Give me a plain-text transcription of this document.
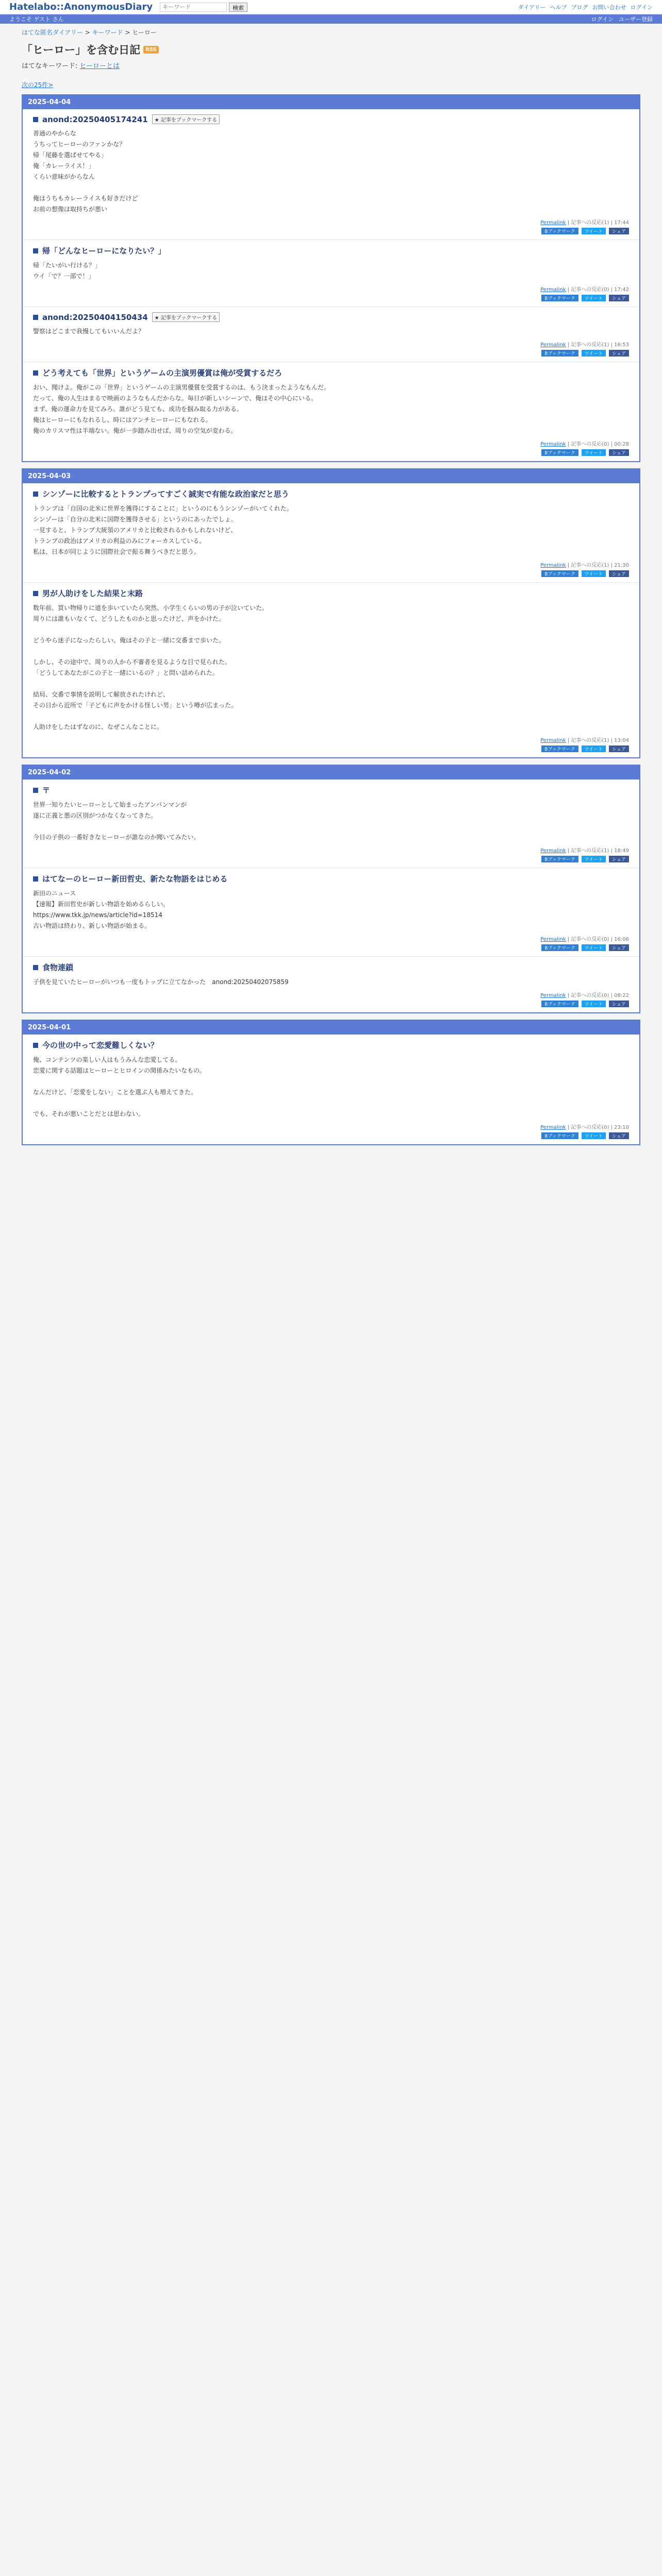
Hatelabo::AnonymousDiary
キーワード	検索	ダイアリー ヘルプ ブログ お問い合わせ ログイン
ようこそ ゲスト さん	ログイン ユーザー登録
はてな匿名ダイアリー > キーワード > ヒーロー
「ヒーロー」を含む日記	RSS
はてなキーワード: ヒーローとは
次の25件>
2025-04-04
anond:20250405174241	★ 記事をブックマークする
普通のやからな
うちってヒーローのファンかな？
帰「尾藤を選ばせてやる」
俺「カレーライス！」
くらい意味がからなん

俺はうちもカレーライスも好きだけど
お前の想像は取持ちが悪い
Permalink | 記事への反応(1) | 17:44
Bブックマーク	ツイート	シェア
帰「どんなヒーローになりたい？」
帰「たいがい行ける？」
ウイ「で？一部で！」
Permalink | 記事への反応(0) | 17:42
Bブックマーク	ツイート	シェア
anond:20250404150434	★ 記事をブックマークする
警察はどこまで我慢してもいいんだよ？
Permalink | 記事への反応(1) | 16:53
Bブックマーク	ツイート	シェア
どう考えても「世界」というゲームの主演男優賞は俺が受賞するだろ
おい、聞けよ。俺がこの「世界」というゲームの主演男優賞を受賞するのは、もう決まったようなもんだ。
だって、俺の人生はまるで映画のようなもんだからな。毎日が新しいシーンで、俺はその中心にいる。
まず、俺の運命力を見てみろ。誰がどう見ても、成功を掴み取る力がある。
俺はヒーローにもなれるし、時にはアンチヒーローにもなれる。
俺のカリスマ性は半端ない。俺が一歩踏み出せば、周りの空気が変わる。
Permalink | 記事への反応(0) | 00:28
Bブックマーク	ツイート	シェア
2025-04-03
シンゾーに比較するとトランプってすごく誠実で有能な政治家だと思う
トランプは「自国の北米に世界を獲得にすることに」というのにもうシンゾーがいてくれた。
シンゾーは「自分の北米に国際を獲得させる」というのにあったでしょ。
一見すると、トランプ大統領のアメリカと比較されるかもしれないけど、
トランプの政治はアメリカの利益のみにフォーカスしている。
私は、日本が同じように国際社会で振る舞うべきだと思う。
Permalink | 記事への反応(1) | 21:30
Bブックマーク	ツイート	シェア
男が人助けをした結果と末路
数年前、買い物帰りに道を歩いていたら突然、小学生くらいの男の子が泣いていた。
周りには誰もいなくて、どうしたものかと思ったけど、声をかけた。

どうやら迷子になったらしい。俺はその子と一緒に交番まで歩いた。

しかし、その途中で、周りの人から不審者を見るような目で見られた。
「どうしてあなたがこの子と一緒にいるの？」と問い詰められた。

結局、交番で事情を説明して解放されたけれど、
その日から近所で「子どもに声をかける怪しい男」という噂が広まった。

人助けをしたはずなのに、なぜこんなことに。
Permalink | 記事への反応(1) | 13:04
Bブックマーク	ツイート	シェア
2025-04-02
〒
世界一知りたいヒーローとして始まったアンパンマンが
遂に正義と悪の区別がつかなくなってきた。

今日の子供の一番好きなヒーローが誰なのか聞いてみたい。
Permalink | 記事への反応(1) | 18:49
Bブックマーク	ツイート	シェア
はてなーのヒーロー新田哲史、新たな物語をはじめる
新田のニュース
【速報】新田哲史が新しい物語を始めるらしい。
https://www.tkk.jp/news/article?id=18514
古い物語は終わり、新しい物語が始まる。
Permalink | 記事への反応(0) | 16:06
Bブックマーク	ツイート	シェア
食物連鎖
子供を見ていたヒーローがいつも一度もトップに立てなかった　anond:20250402075859
Permalink | 記事への反応(0) | 08:22
Bブックマーク	ツイート	シェア
2025-04-01
今の世の中って恋愛難しくない？
俺、コンテンツの楽しい人はもうみんな恋愛してる。
恋愛に関する話題はヒーローとヒロインの関係みたいなもの。

なんだけど、「恋愛をしない」ことを選ぶ人も増えてきた。

でも、それが悪いことだとは思わない。
Permalink | 記事への反応(0) | 23:10
Bブックマーク	ツイート	シェア
